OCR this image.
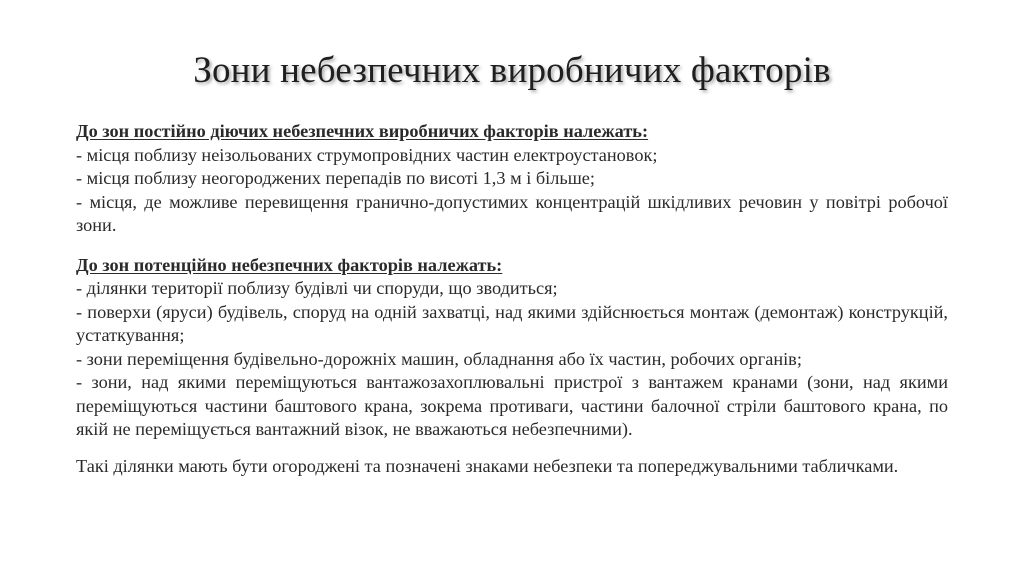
Зони небезпечних виробничих факторів
До зон постійно діючих небезпечних виробничих факторів належать:
- місця поблизу неізольованих струмопровідних частин електроустановок;
- місця поблизу неогороджених перепадів по висоті 1,3 м і більше;
- місця, де можливе перевищення гранично-допустимих концентрацій шкідливих речовин у повітрі робочої зони.
До зон потенційно небезпечних факторів належать:
- ділянки території поблизу будівлі чи споруди, що зводиться;
- поверхи (яруси) будівель, споруд на одній захватці, над якими здійснюється монтаж (демонтаж) конструкцій, устаткування;
- зони переміщення будівельно-дорожніх машин, обладнання або їх частин, робочих органів;
- зони, над якими переміщуються вантажозахоплювальні пристрої з вантажем кранами (зони, над якими переміщуються частини баштового крана, зокрема противаги, частини балочної стріли баштового крана, по якій не переміщується вантажний візок, не вважаються небезпечними).
Такі ділянки мають бути огороджені та позначені знаками небезпеки та попереджувальними табличками.
